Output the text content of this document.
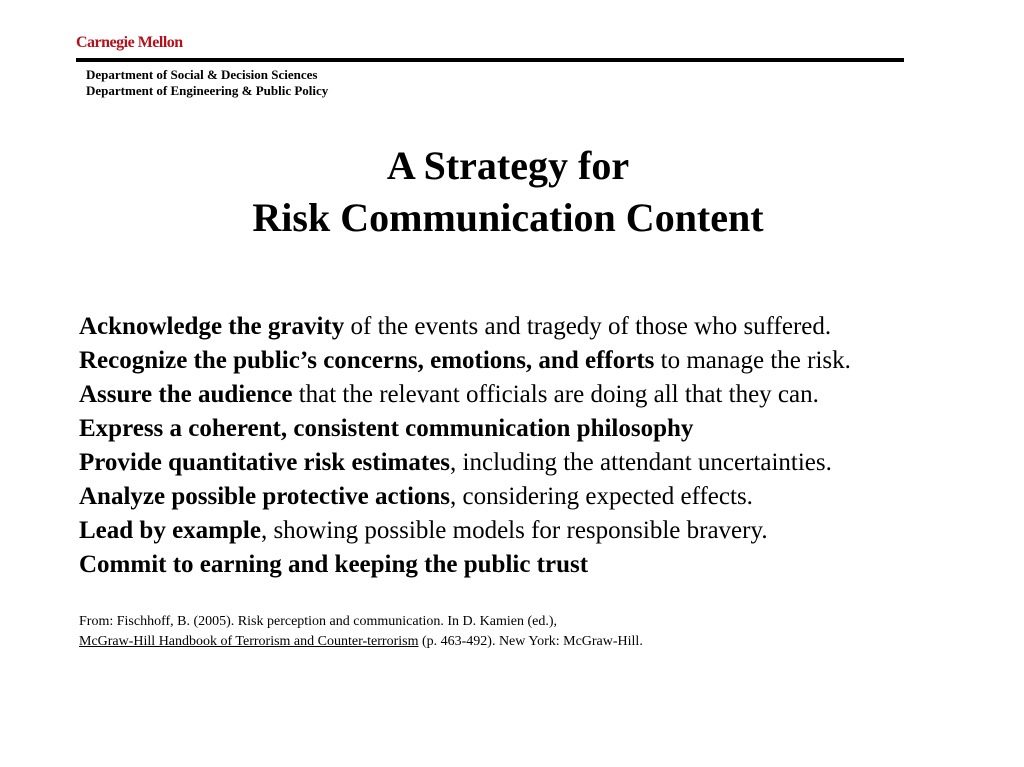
Carnegie Mellon
Department of Social & Decision Sciences
Department of Engineering & Public Policy
A Strategy for
Risk Communication Content
Acknowledge the gravity of the events and tragedy of those who suffered.
Recognize the public’s concerns, emotions, and efforts to manage the risk.
Assure the audience that the relevant officials are doing all that they can.
Express a coherent, consistent communication philosophy
Provide quantitative risk estimates, including the attendant uncertainties.
Analyze possible protective actions, considering expected effects.
Lead by example, showing possible models for responsible bravery.
Commit to earning and keeping the public trust
From: Fischhoff, B. (2005). Risk perception and communication. In D. Kamien (ed.),
McGraw-Hill Handbook of Terrorism and Counter-terrorism (p. 463-492). New York: McGraw-Hill.
